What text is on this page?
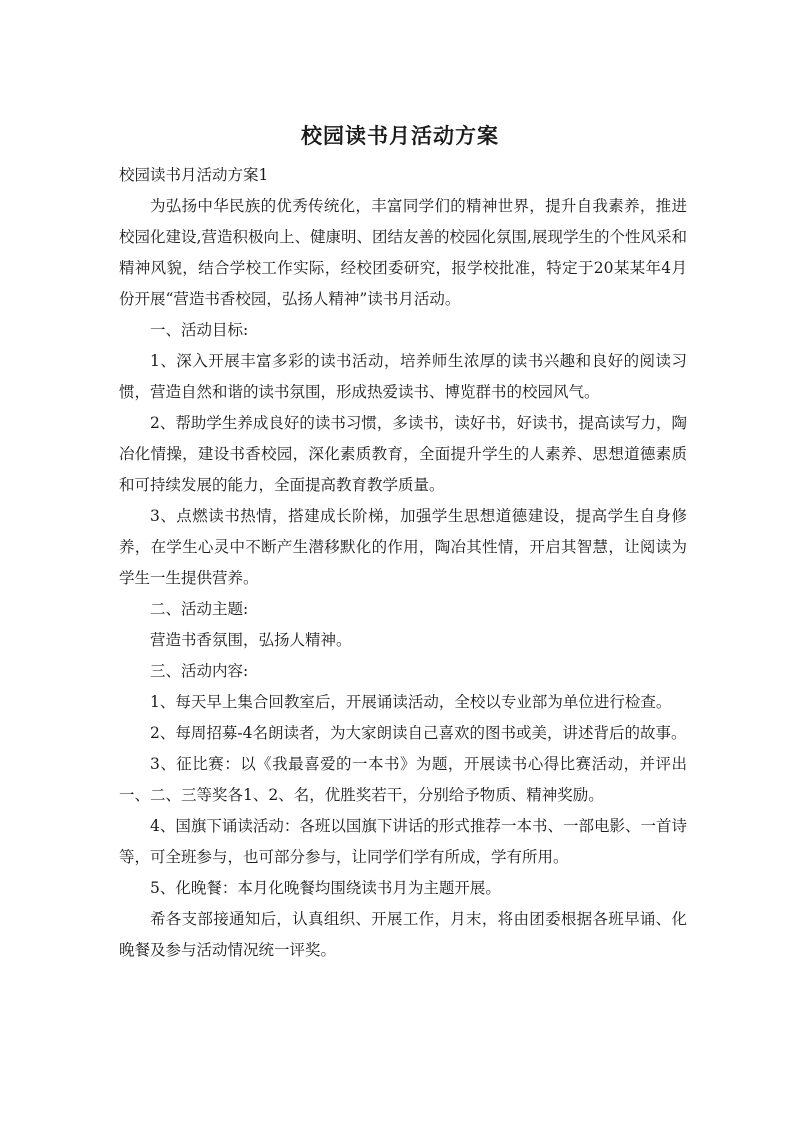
校园读书月活动方案

校园读书月活动方案1

为弘扬中华民族的优秀传统化，丰富同学们的精神世界，提升自我素养，推进校园化建设,营造积极向上、健康明、团结友善的校园化氛围,展现学生的个性风采和精神风貌，结合学校工作实际，经校团委研究，报学校批准，特定于20某某年4月份开展“营造书香校园，弘扬人精神”读书月活动。

一、活动目标:

1、深入开展丰富多彩的读书活动，培养师生浓厚的读书兴趣和良好的阅读习惯，营造自然和谐的读书氛围，形成热爱读书、博览群书的校园风气。

2、帮助学生养成良好的读书习惯，多读书，读好书，好读书，提高读写力，陶冶化情操，建设书香校园，深化素质教育，全面提升学生的人素养、思想道德素质和可持续发展的能力，全面提高教育教学质量。

3、点燃读书热情，搭建成长阶梯，加强学生思想道德建设，提高学生自身修养，在学生心灵中不断产生潜移默化的作用，陶冶其性情，开启其智慧，让阅读为学生一生提供营养。

二、活动主题:

营造书香氛围，弘扬人精神。

三、活动内容:

1、每天早上集合回教室后，开展诵读活动，全校以专业部为单位进行检查。

2、每周招募-4名朗读者，为大家朗读自己喜欢的图书或美，讲述背后的故事。

3、征比赛：以《我最喜爱的一本书》为题，开展读书心得比赛活动，并评出一、二、三等奖各1、2、名，优胜奖若干，分别给予物质、精神奖励。

4、国旗下诵读活动：各班以国旗下讲话的形式推荐一本书、一部电影、一首诗等，可全班参与，也可部分参与，让同学们学有所成，学有所用。

5、化晚餐：本月化晚餐均围绕读书月为主题开展。

希各支部接通知后，认真组织、开展工作，月末，将由团委根据各班早诵、化晚餐及参与活动情况统一评奖。
